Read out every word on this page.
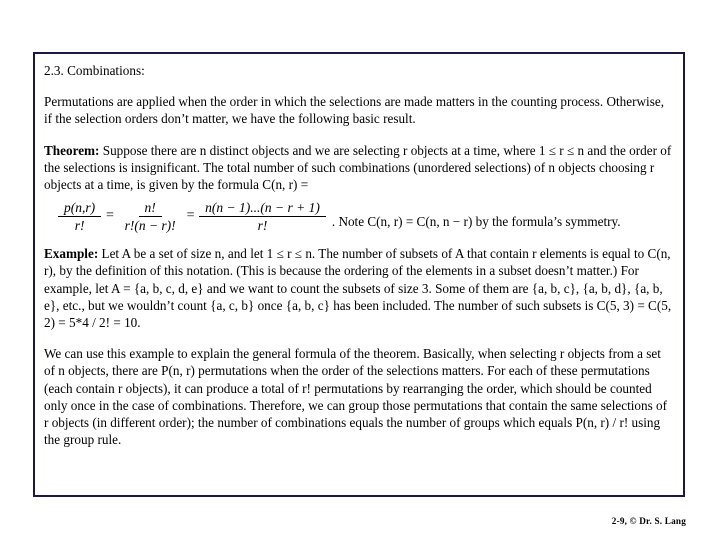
2.3. Combinations:

Permutations are applied when the order in which the selections are made matters in the counting process. Otherwise, if the selection orders don’t matter, we have the following basic result.

Theorem: Suppose there are n distinct objects and we are selecting r objects at a time, where 1 ≤ r ≤ n and the order of the selections is insignificant. The total number of such combinations (unordered selections) of n objects choosing r objects at a time, is given by the formula C(n, r) =

$\frac{p(n,r)}{r!} = \frac{n!}{r!(n - r)!} = \frac{n(n - 1)...(n - r + 1)}{r!}$ . Note C(n, r) = C(n, n − r) by the formula’s symmetry.

Example: Let A be a set of size n, and let 1 ≤ r ≤ n. The number of subsets of A that contain r elements is equal to C(n, r), by the definition of this notation. (This is because the ordering of the elements in a subset doesn’t matter.) For example, let A = {a, b, c, d, e} and we want to count the subsets of size 3. Some of them are {a, b, c}, {a, b, d}, {a, b, e}, etc., but we wouldn’t count {a, c, b} once {a, b, c} has been included. The number of such subsets is C(5, 3) = C(5, 2) = 5*4 / 2! = 10.

We can use this example to explain the general formula of the theorem. Basically, when selecting r objects from a set of n objects, there are P(n, r) permutations when the order of the selections matters. For each of these permutations (each contain r objects), it can produce a total of r! permutations by rearranging the order, which should be counted only once in the case of combinations. Therefore, we can group those permutations that contain the same selections of r objects (in different order); the number of combinations equals the number of groups which equals P(n, r) / r! using the group rule.

2-9, © Dr. S. Lang
